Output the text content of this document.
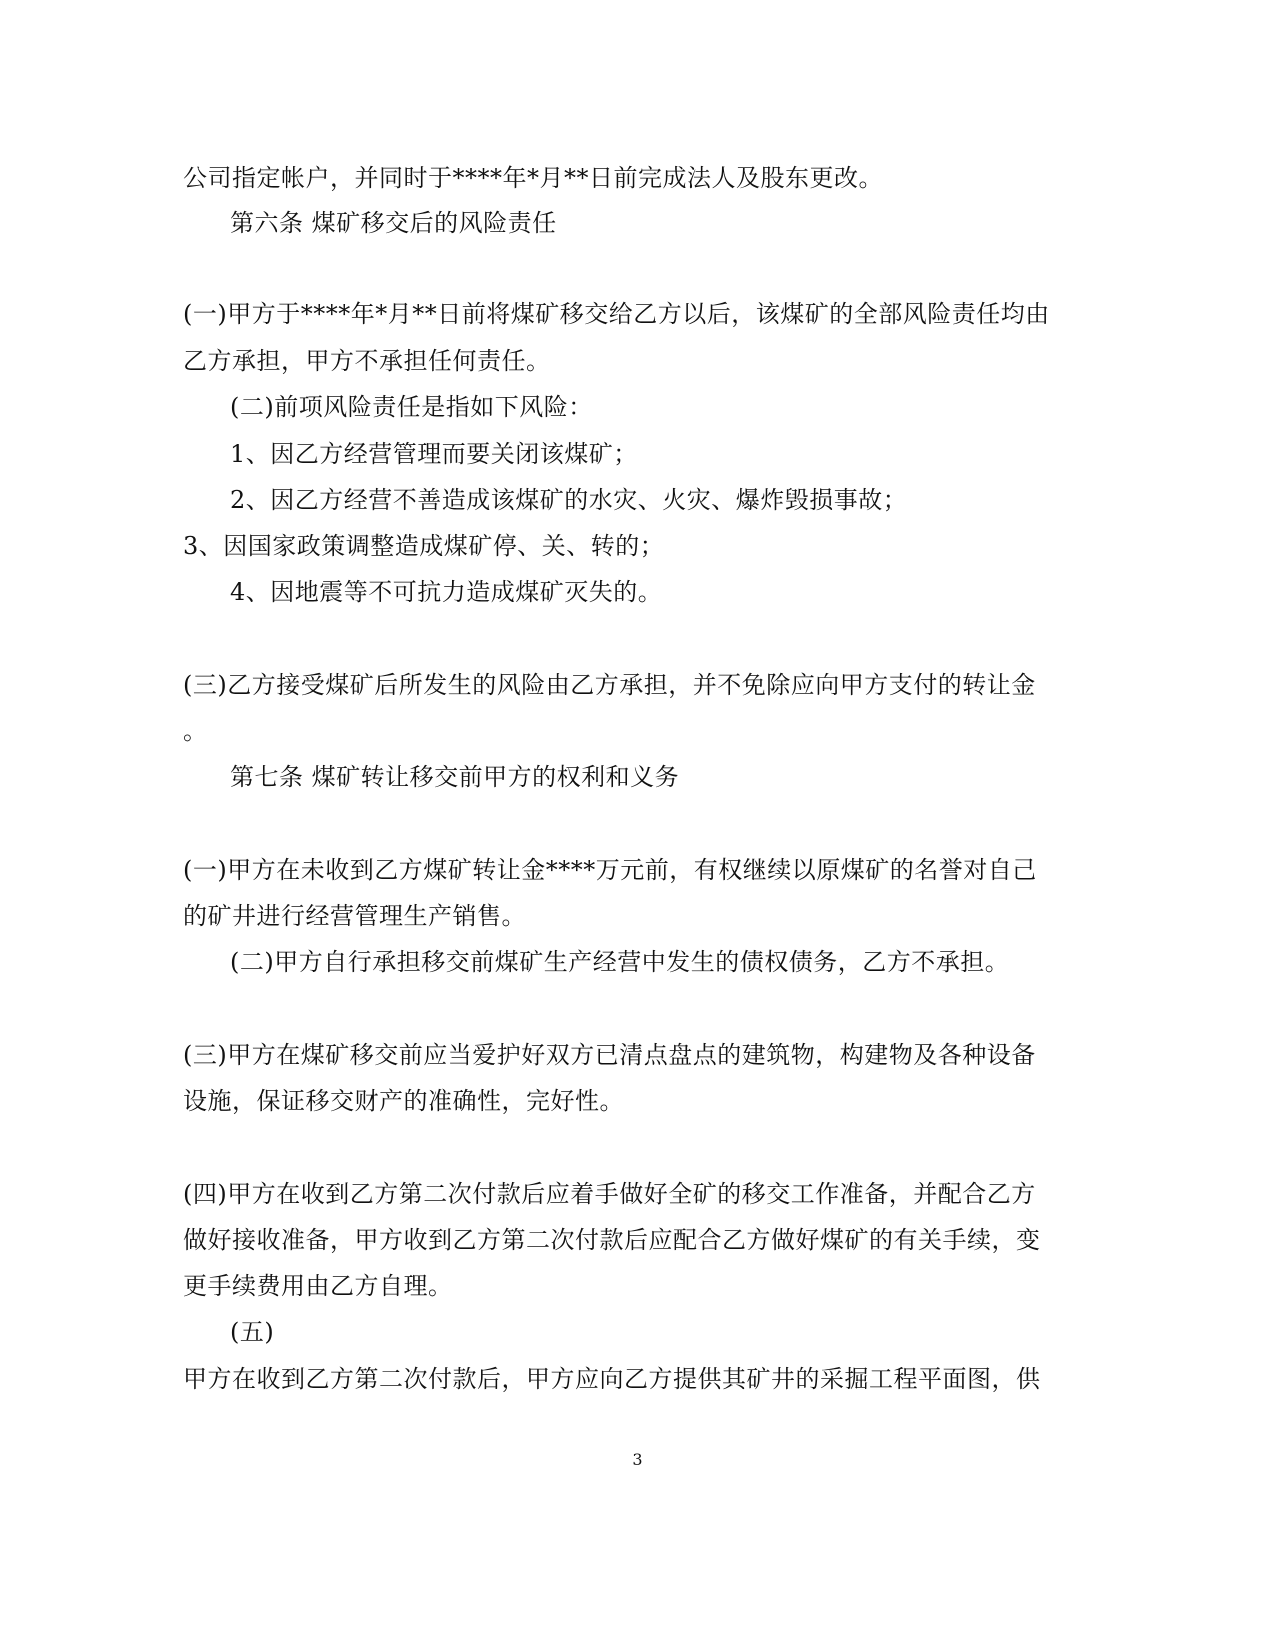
公司指定帐户，并同时于****年*月**日前完成法人及股东更改。
第六条 煤矿移交后的风险责任
(一)甲方于****年*月**日前将煤矿移交给乙方以后，该煤矿的全部风险责任均由
乙方承担，甲方不承担任何责任。
(二)前项风险责任是指如下风险：
1、因乙方经营管理而要关闭该煤矿；
2、因乙方经营不善造成该煤矿的水灾、火灾、爆炸毁损事故；
3、因国家政策调整造成煤矿停、关、转的；
4、因地震等不可抗力造成煤矿灭失的。
(三)乙方接受煤矿后所发生的风险由乙方承担，并不免除应向甲方支付的转让金
。
第七条 煤矿转让移交前甲方的权利和义务
(一)甲方在未收到乙方煤矿转让金****万元前，有权继续以原煤矿的名誉对自己
的矿井进行经营管理生产销售。
(二)甲方自行承担移交前煤矿生产经营中发生的债权债务，乙方不承担。
(三)甲方在煤矿移交前应当爱护好双方已清点盘点的建筑物，构建物及各种设备
设施，保证移交财产的准确性，完好性。
(四)甲方在收到乙方第二次付款后应着手做好全矿的移交工作准备，并配合乙方
做好接收准备，甲方收到乙方第二次付款后应配合乙方做好煤矿的有关手续，变
更手续费用由乙方自理。
(五)
甲方在收到乙方第二次付款后，甲方应向乙方提供其矿井的采掘工程平面图，供
3
